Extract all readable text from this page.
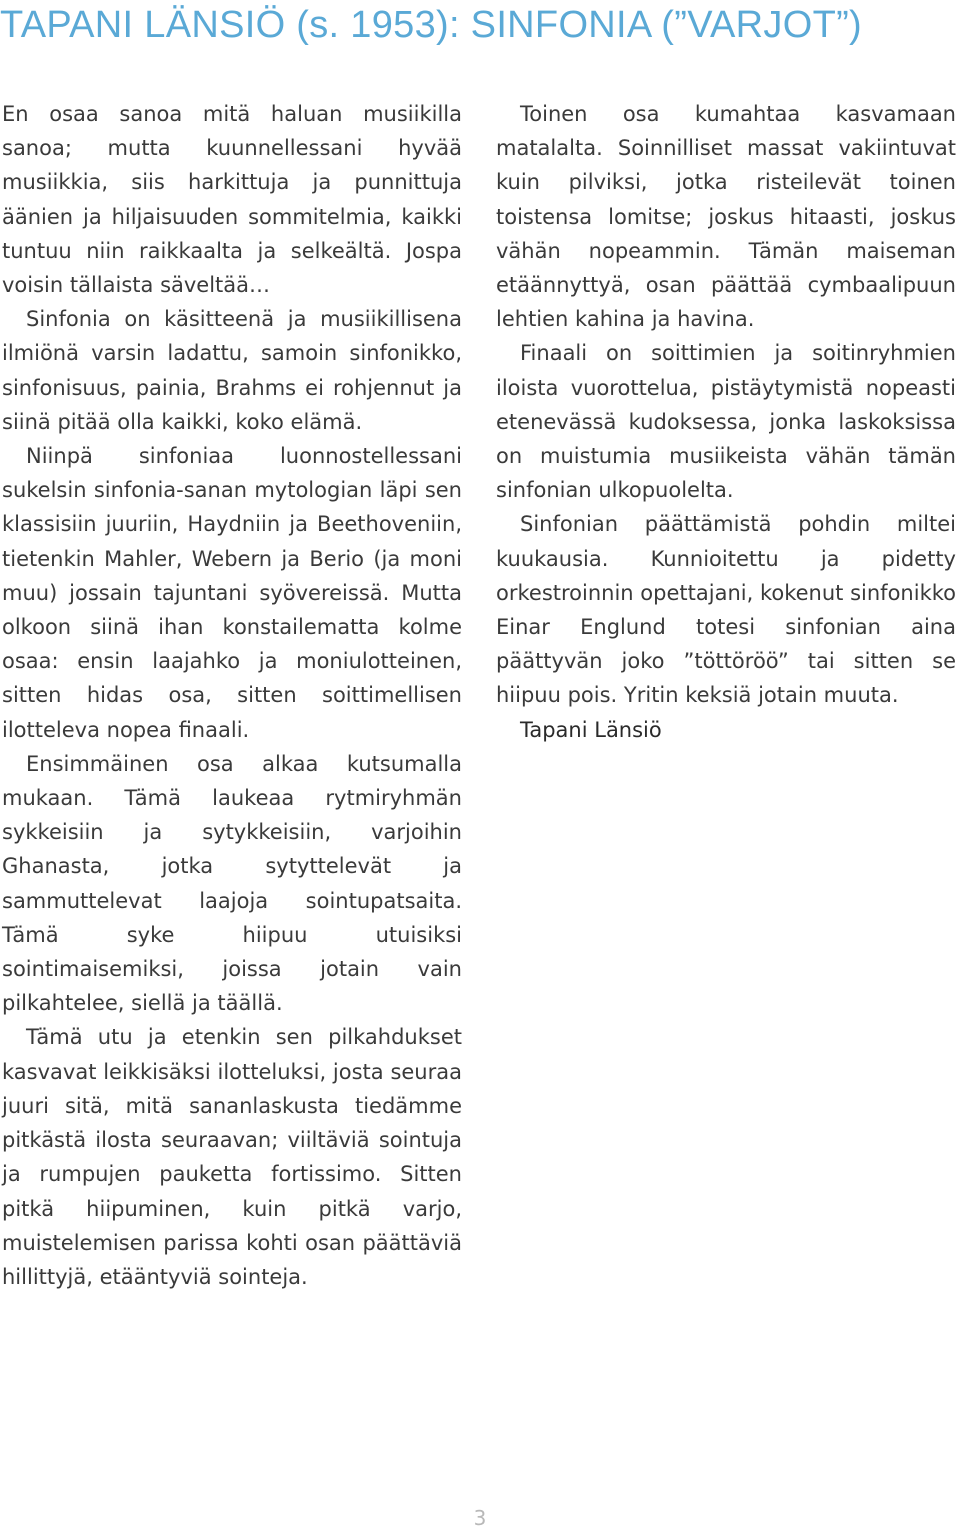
TAPANI LÄNSIÖ (s. 1953): SINFONIA (”VARJOT”)

En osaa sanoa mitä haluan musiikilla sanoa; mutta kuunnellessani hyvää musiikkia, siis harkittuja ja punnittuja äänien ja hiljaisuuden sommitelmia, kaikki tuntuu niin raikkaalta ja selkeältä. Jospa voisin tällaista säveltää…

Sinfonia on käsitteenä ja musiikillisena ilmiönä varsin ladattu, samoin sinfonikko, sinfonisuus, painia, Brahms ei rohjennut ja siinä pitää olla kaikki, koko elämä.

Niinpä sinfoniaa luonnostellessani sukelsin sinfonia-sanan mytologian läpi sen klassisiin juuriin, Haydniin ja Beethoveniin, tietenkin Mahler, Webern ja Berio (ja moni muu) jossain tajuntani syövereissä. Mutta olkoon siinä ihan konstailematta kolme osaa: ensin laajahko ja moniulotteinen, sitten hidas osa, sitten soittimellisen ilotteleva nopea finaali.

Ensimmäinen osa alkaa kutsumalla mukaan. Tämä laukeaa rytmiryhmän sykkeisiin ja sytykkeisiin, varjoihin Ghanasta, jotka sytyttelevät ja sammuttelevat laajoja sointupatsaita. Tämä syke hiipuu utuisiksi sointimaisemiksi, joissa jotain vain pilkahtelee, siellä ja täällä.

Tämä utu ja etenkin sen pilkahdukset kasvavat leikkisäksi ilotteluksi, josta seuraa juuri sitä, mitä sananlaskusta tiedämme pitkästä ilosta seuraavan; viiltäviä sointuja ja rumpujen pauketta fortissimo. Sitten pitkä hiipuminen, kuin pitkä varjo, muistelemisen parissa kohti osan päättäviä hillittyjä, etääntyviä sointeja.

Toinen osa kumahtaa kasvamaan matalalta. Soinnilliset massat vakiintuvat kuin pilviksi, jotka risteilevät toinen toistensa lomitse; joskus hitaasti, joskus vähän nopeammin. Tämän maiseman etäännyttyä, osan päättää cymbaalipuun lehtien kahina ja havina.

Finaali on soittimien ja soitinryhmien iloista vuorottelua, pistäytymistä nopeasti etenevässä kudoksessa, jonka laskoksissa on muistumia musiikeista vähän tämän sinfonian ulkopuolelta.

Sinfonian päättämistä pohdin miltei kuukausia. Kunnioitettu ja pidetty orkestroinnin opettajani, kokenut sinfonikko Einar Englund totesi sinfonian aina päättyvän joko ”töttöröö” tai sitten se hiipuu pois. Yritin keksiä jotain muuta.

Tapani Länsiö

3
